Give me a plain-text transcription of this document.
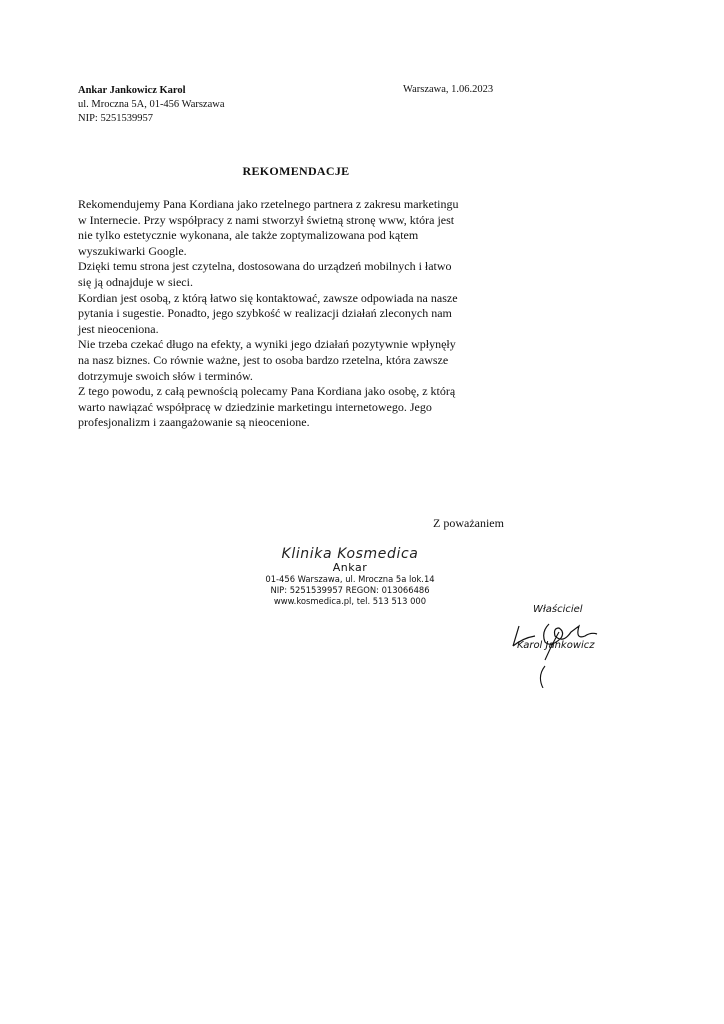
Ankar Jankowicz Karol
ul. Mroczna 5A, 01-456 Warszawa
NIP: 5251539957
Warszawa, 1.06.2023
REKOMENDACJE

Rekomendujemy Pana Kordiana jako rzetelnego partnera z zakresu marketingu

w Internecie. Przy współpracy z nami stworzył świetną stronę www, która jest

nie tylko estetycznie wykonana, ale także zoptymalizowana pod kątem

wyszukiwarki Google.

Dzięki temu strona jest czytelna, dostosowana do urządzeń mobilnych i łatwo

się ją odnajduje w sieci.

Kordian jest osobą, z którą łatwo się kontaktować, zawsze odpowiada na nasze

pytania i sugestie. Ponadto, jego szybkość w realizacji działań zleconych nam

jest nieoceniona.

Nie trzeba czekać długo na efekty, a wyniki jego działań pozytywnie wpłynęły

na nasz biznes. Co równie ważne, jest to osoba bardzo rzetelna, która zawsze

dotrzymuje swoich słów i terminów.

Z tego powodu, z całą pewnością polecamy Pana Kordiana jako osobę, z którą

warto nawiązać współpracę w dziedzinie marketingu internetowego. Jego

profesjonalizm i zaangażowanie są nieocenione.

Z poważaniem
Klinika Kosmedica
Ankar
01-456 Warszawa, ul. Mroczna 5a lok.14
NIP: 5251539957 REGON: 013066486
www.kosmedica.pl, tel. 513 513 000
Właściciel
Karol Jankowicz
